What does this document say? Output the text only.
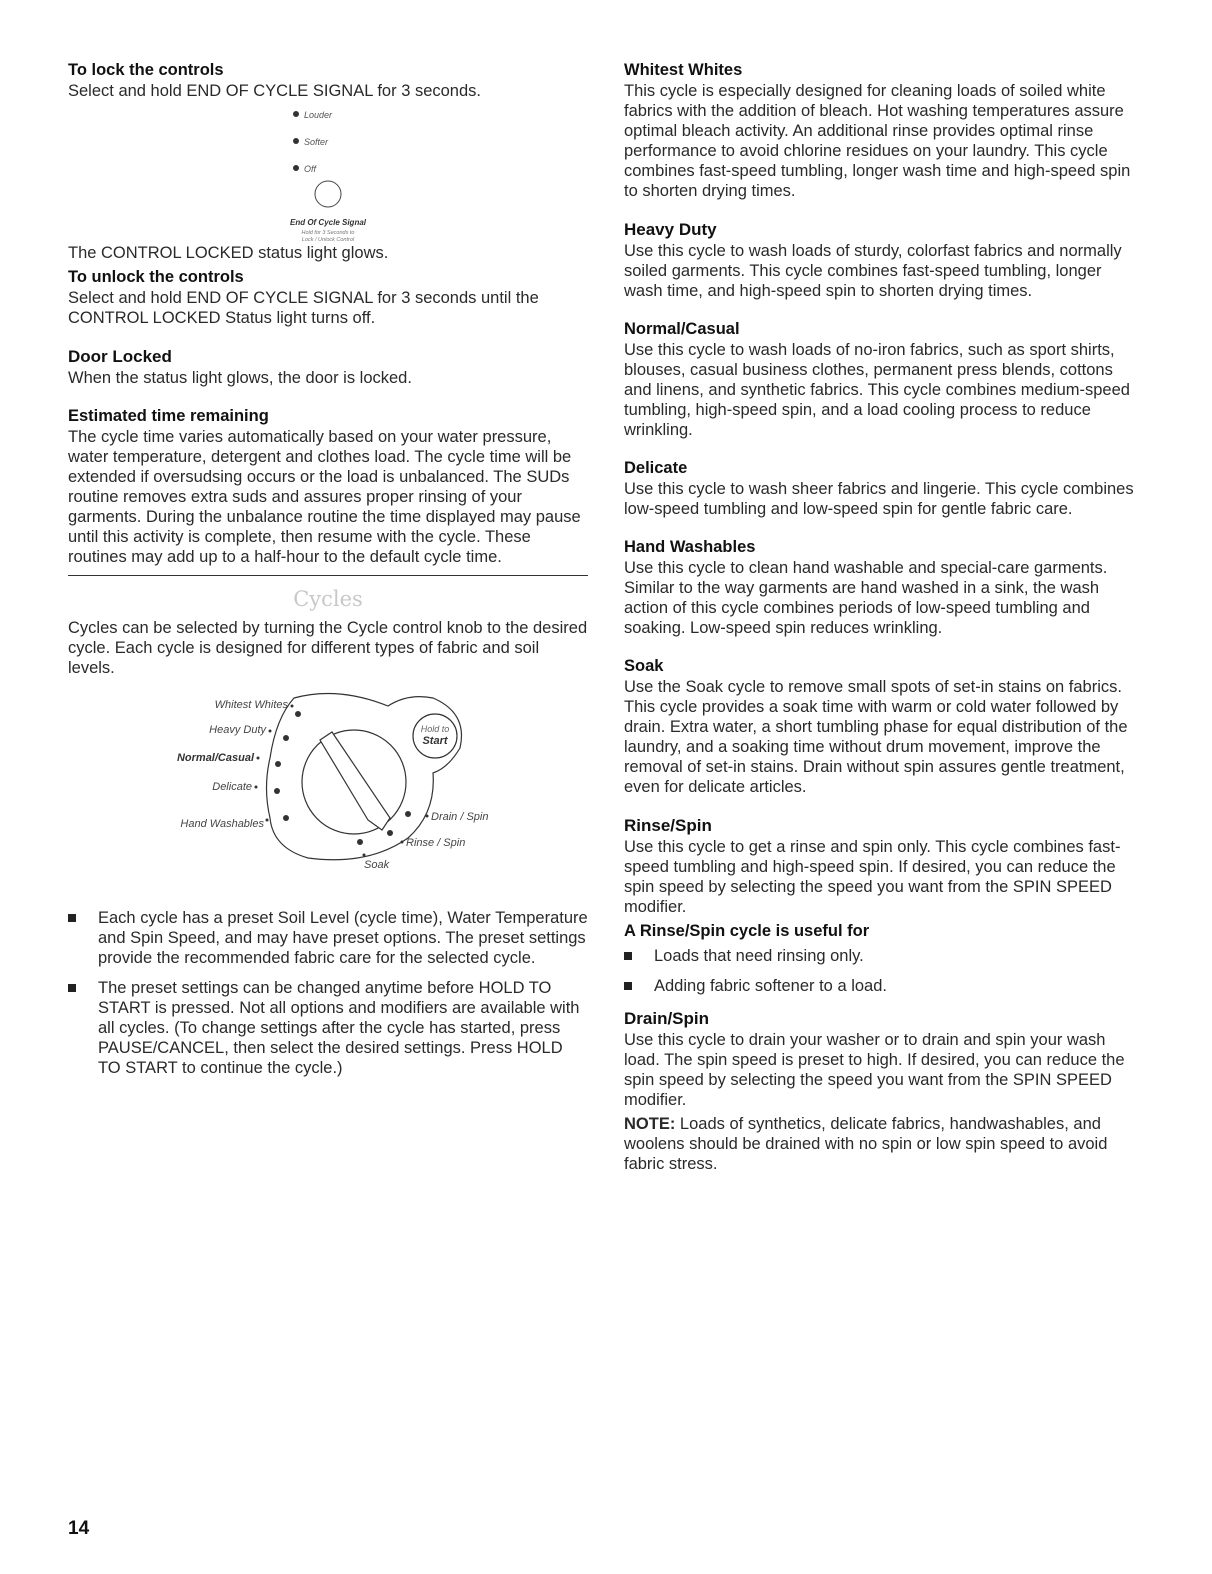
To lock the controls

Select and hold END OF CYCLE SIGNAL for 3 seconds.

Louder
Softer
Off
End Of Cycle Signal
Hold for 3 Seconds to
Lock / Unlock Control

The CONTROL LOCKED status light glows.

To unlock the controls

Select and hold END OF CYCLE SIGNAL for 3 seconds until the CONTROL LOCKED Status light turns off.

Door Locked

When the status light glows, the door is locked.

Estimated time remaining

The cycle time varies automatically based on your water pressure, water temperature, detergent and clothes load. The cycle time will be extended if oversudsing occurs or the load is unbalanced. The SUDs routine removes extra suds and assures proper rinsing of your garments. During the unbalance routine the time displayed may pause until this activity is complete, then resume with the cycle. These routines may add up to a half-hour to the default cycle time.

Cycles

Cycles can be selected by turning the Cycle control knob to the desired cycle. Each cycle is designed for different types of fabric and soil levels.

Whitest Whites
Heavy Duty
Normal/Casual
Delicate
Hand Washables
Drain / Spin
Rinse / Spin
Soak
Hold to
Start
Each cycle has a preset Soil Level (cycle time), Water Temperature and Spin Speed, and may have preset options. The preset settings provide the recommended fabric care for the selected cycle.
The preset settings can be changed anytime before HOLD TO START is pressed. Not all options and modifiers are available with all cycles. (To change settings after the cycle has started, press PAUSE/CANCEL, then select the desired settings. Press HOLD TO START to continue the cycle.)
Whitest Whites

This cycle is especially designed for cleaning loads of soiled white fabrics with the addition of bleach. Hot washing temperatures assure optimal bleach activity. An additional rinse provides optimal rinse performance to avoid chlorine residues on your laundry. This cycle combines fast-speed tumbling, longer wash time and high-speed spin to shorten drying times.

Heavy Duty

Use this cycle to wash loads of sturdy, colorfast fabrics and normally soiled garments. This cycle combines fast-speed tumbling, longer wash time, and high-speed spin to shorten drying times.

Normal/Casual

Use this cycle to wash loads of no-iron fabrics, such as sport shirts, blouses, casual business clothes, permanent press blends, cottons and linens, and synthetic fabrics. This cycle combines medium-speed tumbling, high-speed spin, and a load cooling process to reduce wrinkling.

Delicate

Use this cycle to wash sheer fabrics and lingerie. This cycle combines low-speed tumbling and low-speed spin for gentle fabric care.

Hand Washables

Use this cycle to clean hand washable and special-care garments. Similar to the way garments are hand washed in a sink, the wash action of this cycle combines periods of low-speed tumbling and soaking. Low-speed spin reduces wrinkling.

Soak

Use the Soak cycle to remove small spots of set-in stains on fabrics. This cycle provides a soak time with warm or cold water followed by drain. Extra water, a short tumbling phase for equal distribution of the laundry, and a soaking time without drum movement, improve the removal of set-in stains. Drain without spin assures gentle treatment, even for delicate articles.

Rinse/Spin

Use this cycle to get a rinse and spin only. This cycle combines fast-speed tumbling and high-speed spin. If desired, you can reduce the spin speed by selecting the speed you want from the SPIN SPEED modifier.

A Rinse/Spin cycle is useful for
Loads that need rinsing only.
Adding fabric softener to a load.
Drain/Spin

Use this cycle to drain your washer or to drain and spin your wash load. The spin speed is preset to high. If desired, you can reduce the spin speed by selecting the speed you want from the SPIN SPEED modifier.

NOTE: Loads of synthetics, delicate fabrics, handwashables, and woolens should be drained with no spin or low spin speed to avoid fabric stress.

14
